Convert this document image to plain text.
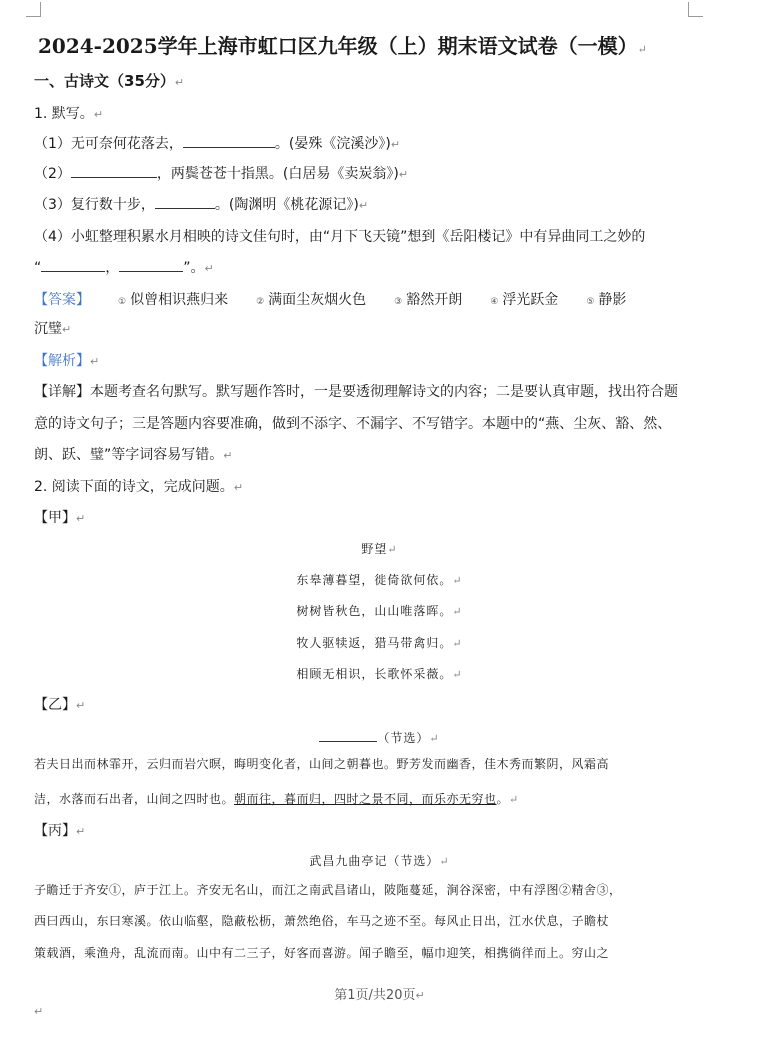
2024-2025学年上海市虹口区九年级（上）期末语文试卷（一模）↵
一、古诗文（35分）↵
1. 默写。↵
（1）无可奈何花落去，	。(晏殊《浣溪沙》)↵
（2）	，两鬓苍苍十指黑。(白居易《卖炭翁》)↵
（3）复行数十步，	。(陶渊明《桃花源记》)↵
（4）小虹整理积累水月相映的诗文佳句时，由“月下飞天镜”想到《岳阳楼记》中有异曲同工之妙的
“	，	”。↵
【答案】	① 似曾相识燕归来	② 满面尘灰烟火色	③ 豁然开朗	④ 浮光跃金	⑤ 静影
沉璧↵
【解析】↵
【详解】本题考查名句默写。默写题作答时，一是要透彻理解诗文的内容；二是要认真审题，找出符合题
意的诗文句子；三是答题内容要准确，做到不添字、不漏字、不写错字。本题中的“燕、尘灰、豁、然、
朗、跃、璧”等字词容易写错。↵
2. 阅读下面的诗文，完成问题。↵
【甲】↵
野望↵
东皋薄暮望，徙倚欲何依。↵
树树皆秋色，山山唯落晖。↵
牧人驱犊返，猎马带禽归。↵
相顾无相识，长歌怀采薇。↵
【乙】↵
（节选）↵
若夫日出而林霏开，云归而岩穴暝，晦明变化者，山间之朝暮也。野芳发而幽香，佳木秀而繁阴，风霜高
洁，水落而石出者，山间之四时也。朝而往，暮而归，四时之景不同，而乐亦无穷也。↵
【丙】↵
武昌九曲亭记（节选）↵
子瞻迁于齐安①，庐于江上。齐安无名山，而江之南武昌诸山，陂陁蔓延，涧谷深密，中有浮图②精舍③，
西曰西山，东曰寒溪。依山临壑，隐蔽松枥，萧然绝俗，车马之迹不至。每风止日出，江水伏息，子瞻杖
策载酒，乘渔舟，乱流而南。山中有二三子，好客而喜游。闻子瞻至，幅巾迎笑，相携徜徉而上。穷山之
第1页/共20页↵
↵
